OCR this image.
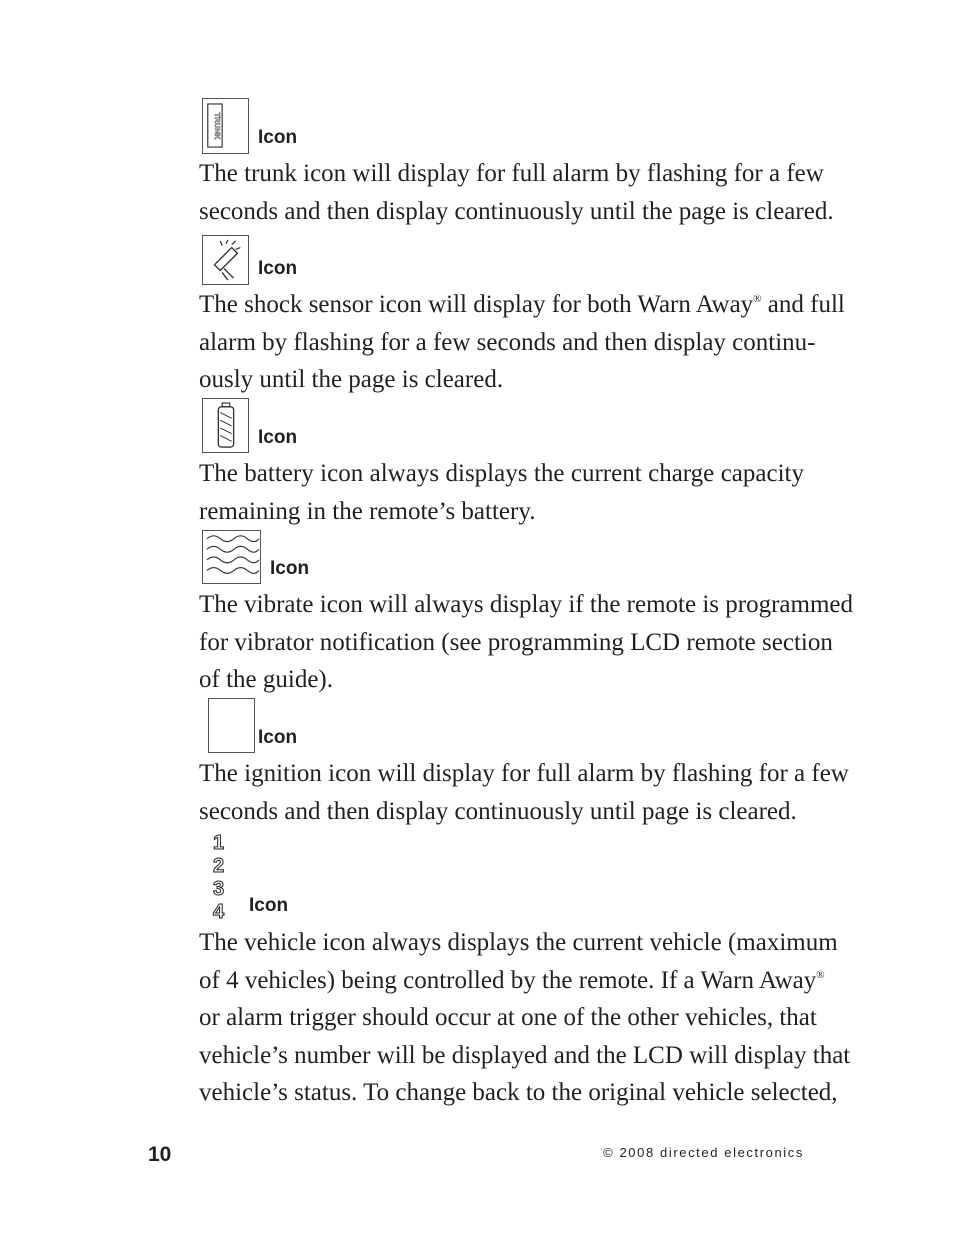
TRUNK Icon

The trunk icon will display for full alarm by flashing for a few
seconds and then display continuously until the page is cleared.

Icon

The shock sensor icon will display for both Warn Away® and full
alarm by flashing for a few seconds and then display continu-
ously until the page is cleared.

Icon

The battery icon always displays the current charge capacity
remaining in the remote’s battery.

Icon

The vibrate icon will always display if the remote is programmed
for vibrator notification (see programming LCD remote section
of the guide).

Icon

The ignition icon will display for full alarm by flashing for a few
seconds and then display continuously until page is cleared.

1
2
3
4 Icon

The vehicle icon always displays the current vehicle (maximum
of 4 vehicles) being controlled by the remote. If a Warn Away®
or alarm trigger should occur at one of the other vehicles, that
vehicle’s number will be displayed and the LCD will display that
vehicle’s status. To change back to the original vehicle selected,

10	© 2008 directed electronics
